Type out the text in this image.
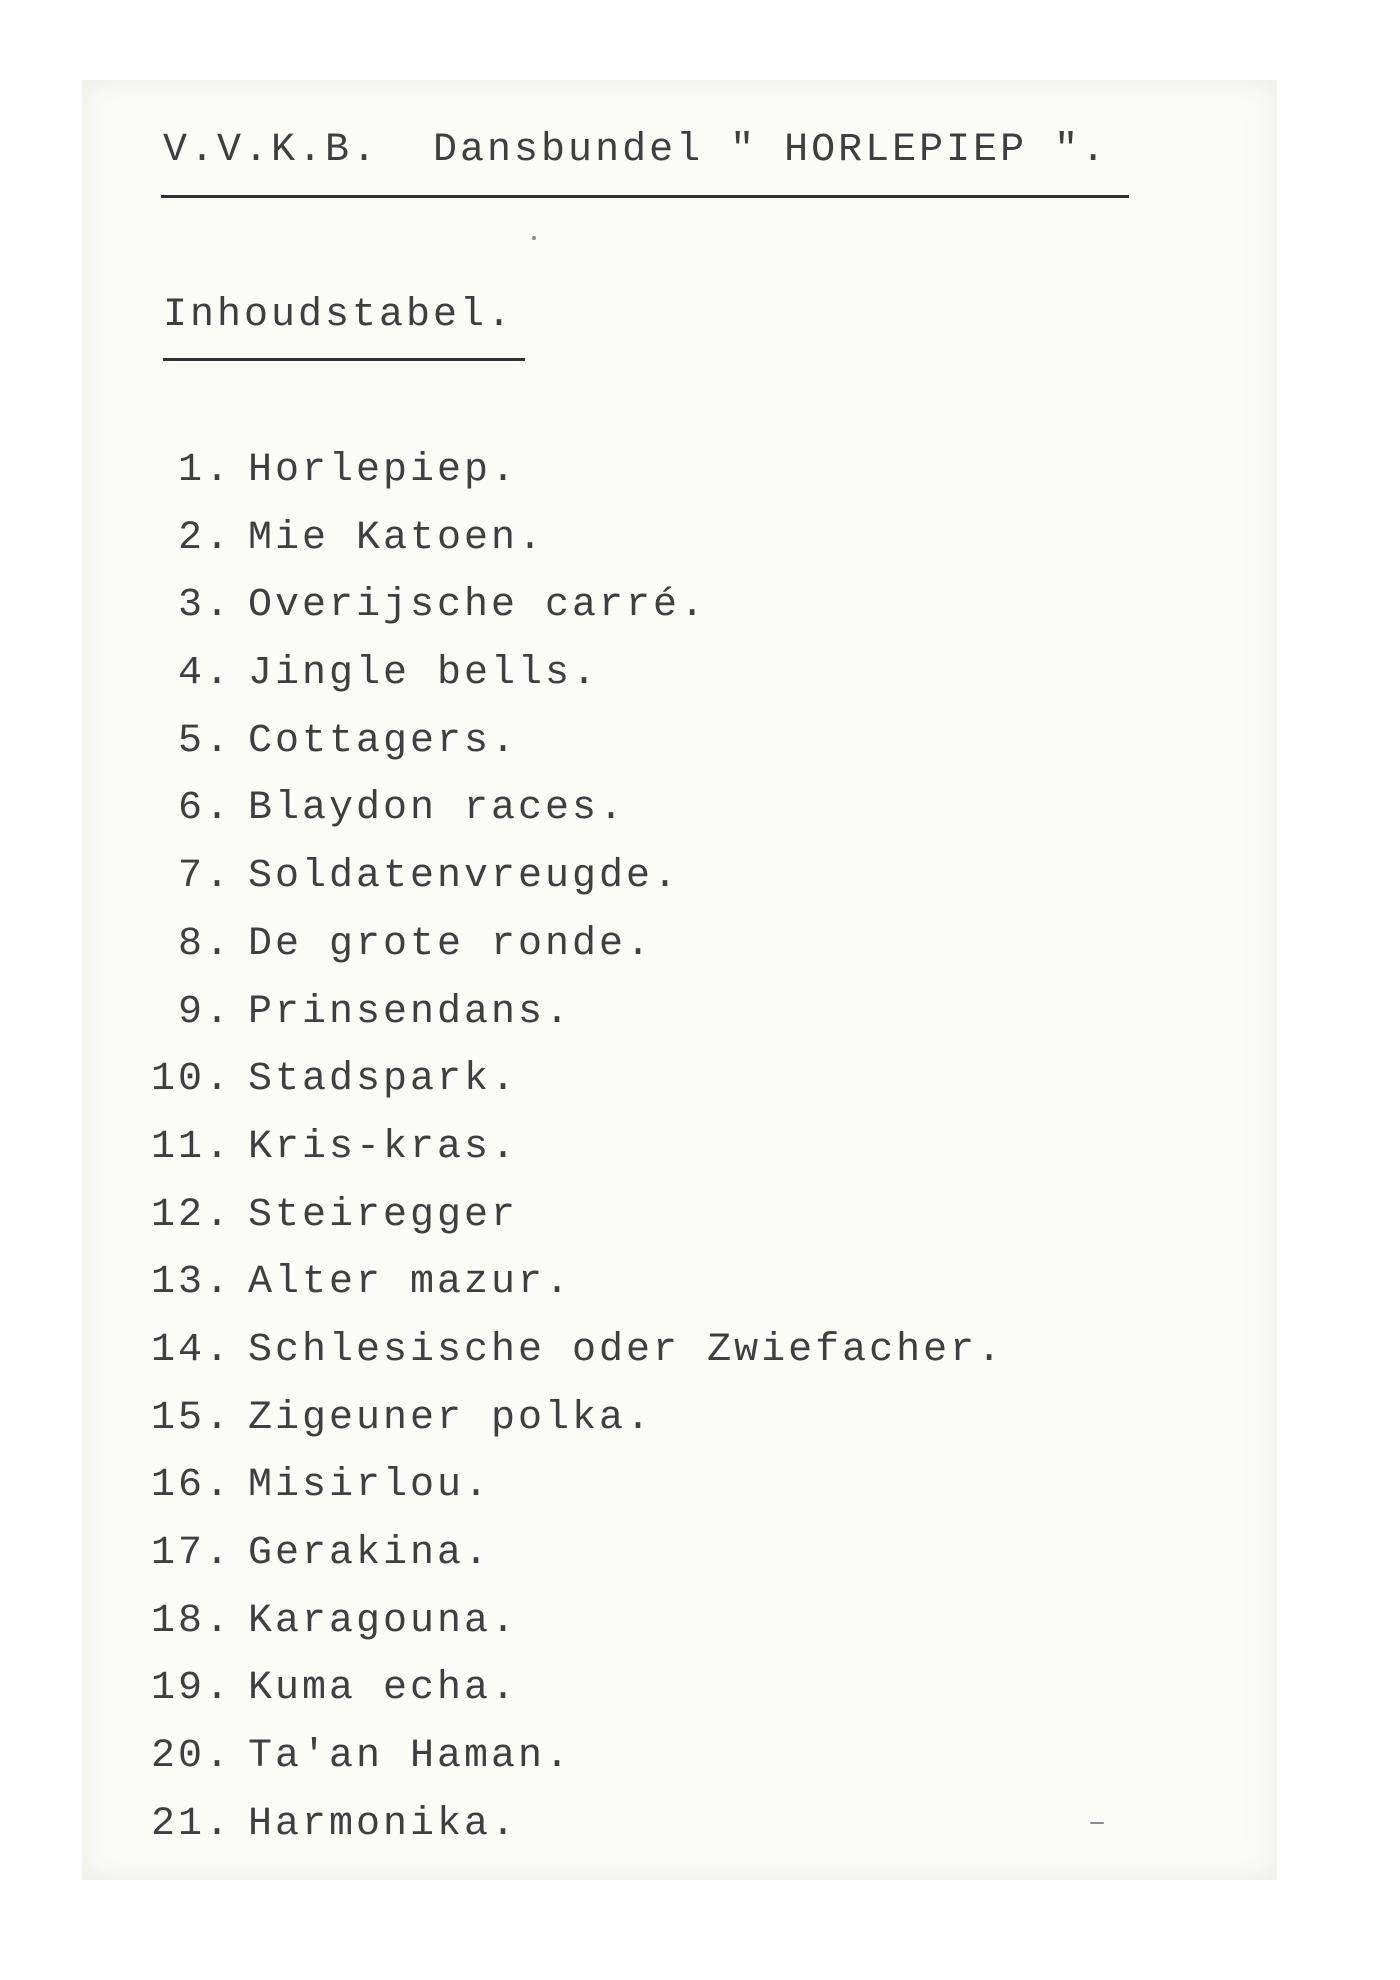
V.V.K.B.  Dansbundel " HORLEPIEP ".
Inhoudstabel.
1. Horlepiep.
2. Mie Katoen.
3. Overijsche carré.
4. Jingle bells.
5. Cottagers.
6. Blaydon races.
7. Soldatenvreugde.
8. De grote ronde.
9. Prinsendans.
10. Stadspark.
11. Kris-kras.
12. Steiregger
13. Alter mazur.
14. Schlesische oder Zwiefacher.
15. Zigeuner polka.
16. Misirlou.
17. Gerakina.
18. Karagouna.
19. Kuma echa.
20. Ta'an Haman.
21. Harmonika.
